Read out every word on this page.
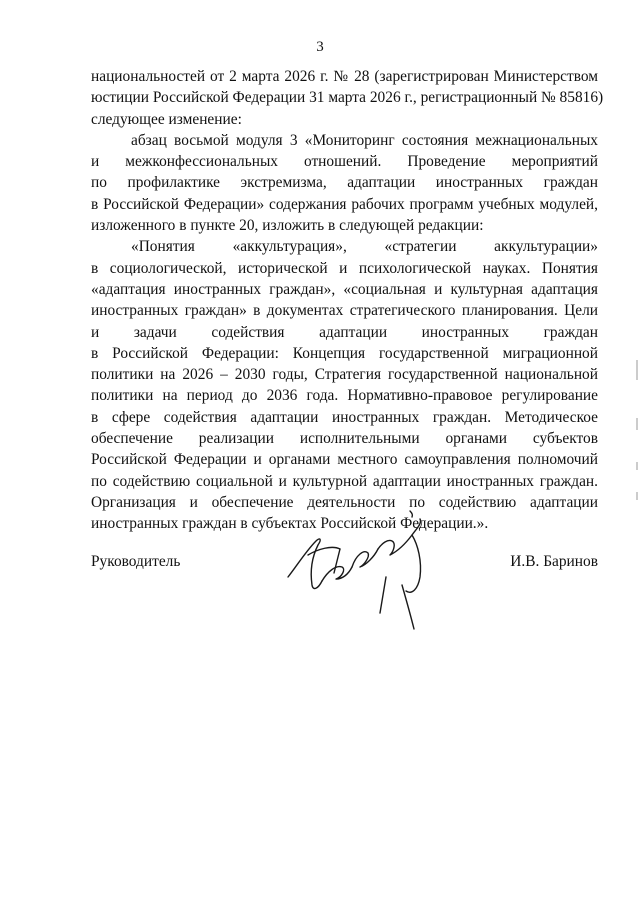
3
национальностей от 2 марта 2026 г. № 28 (зарегистрирован Министерством
юстиции Российской Федерации 31 марта 2026 г., регистрационный № 85816)
следующее изменение:
абзац восьмой модуля 3 «Мониторинг состояния межнациональных
и межконфессиональных отношений. Проведение мероприятий
по профилактике экстремизма, адаптации иностранных граждан
в Российской Федерации» содержания рабочих программ учебных модулей,
изложенного в пункте 20, изложить в следующей редакции:
«Понятия «аккультурация», «стратегии аккультурации»
в социологической, исторической и психологической науках. Понятия
«адаптация иностранных граждан», «социальная и культурная адаптация
иностранных граждан» в документах стратегического планирования. Цели
и задачи содействия адаптации иностранных граждан
в Российской Федерации: Концепция государственной миграционной
политики на 2026 – 2030 годы, Стратегия государственной национальной
политики на период до 2036 года. Нормативно-правовое регулирование
в сфере содействия адаптации иностранных граждан. Методическое
обеспечение реализации исполнительными органами субъектов
Российской Федерации и органами местного самоуправления полномочий
по содействию социальной и культурной адаптации иностранных граждан.
Организация и обеспечение деятельности по содействию адаптации
иностранных граждан в субъектах Российской Федерации.».
Руководитель	И.В. Баринов
